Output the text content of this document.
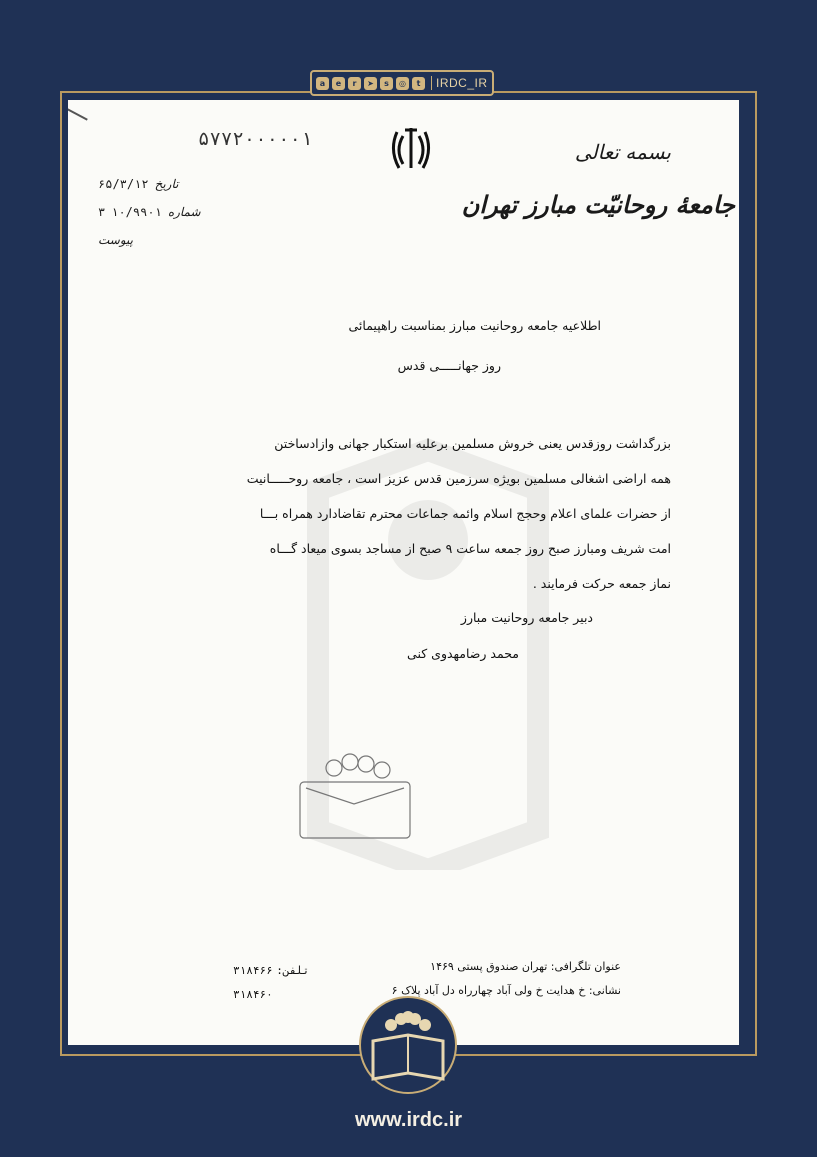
a	e	r	➤	s	◎	t	IRDC_IR
۵۷۷۲۰۰۰۰۰۱
بسمه تعالی
جامعهٔ روحانیّت مبارز تهران
تاریخ
۶۵/۳/۱۲
شماره
۱۰/۹۹۰۱
۳
پیوست
اطلاعیه جامعه روحانیت مبارز بمناسبت راهپیمائی
روز جهانـــــی قدس

بزرگداشت روزقدس یعنی خروش مسلمین برعلیه استکبار جهانی وازادساختن

همه اراضی اشغالی مسلمین بویژه سرزمین قدس عزیز است ، جامعه روحـــــانیت

از حضرات علمای اعلام وحجج اسلام وائمه جماعات محترم تقاضادارد همراه بـــا

امت شریف ومبارز صبح روز جمعه ساعت ۹ صبح از مساجد بسوی میعاد گـــاه

نماز جمعه حرکت فرمایند .

دبیر جامعه روحانیت مبارز
محمد رضامهدوی کنی
عنوان تلگرافی: تهران صندوق پستی ۱۴۶۹
نشانی: خ هدایت خ ولی آباد چهارراه دل آباد پلاک ۶
تلفن: ۳۱۸۴۶۶
۳۱۸۴۶۰
www.irdc.ir
